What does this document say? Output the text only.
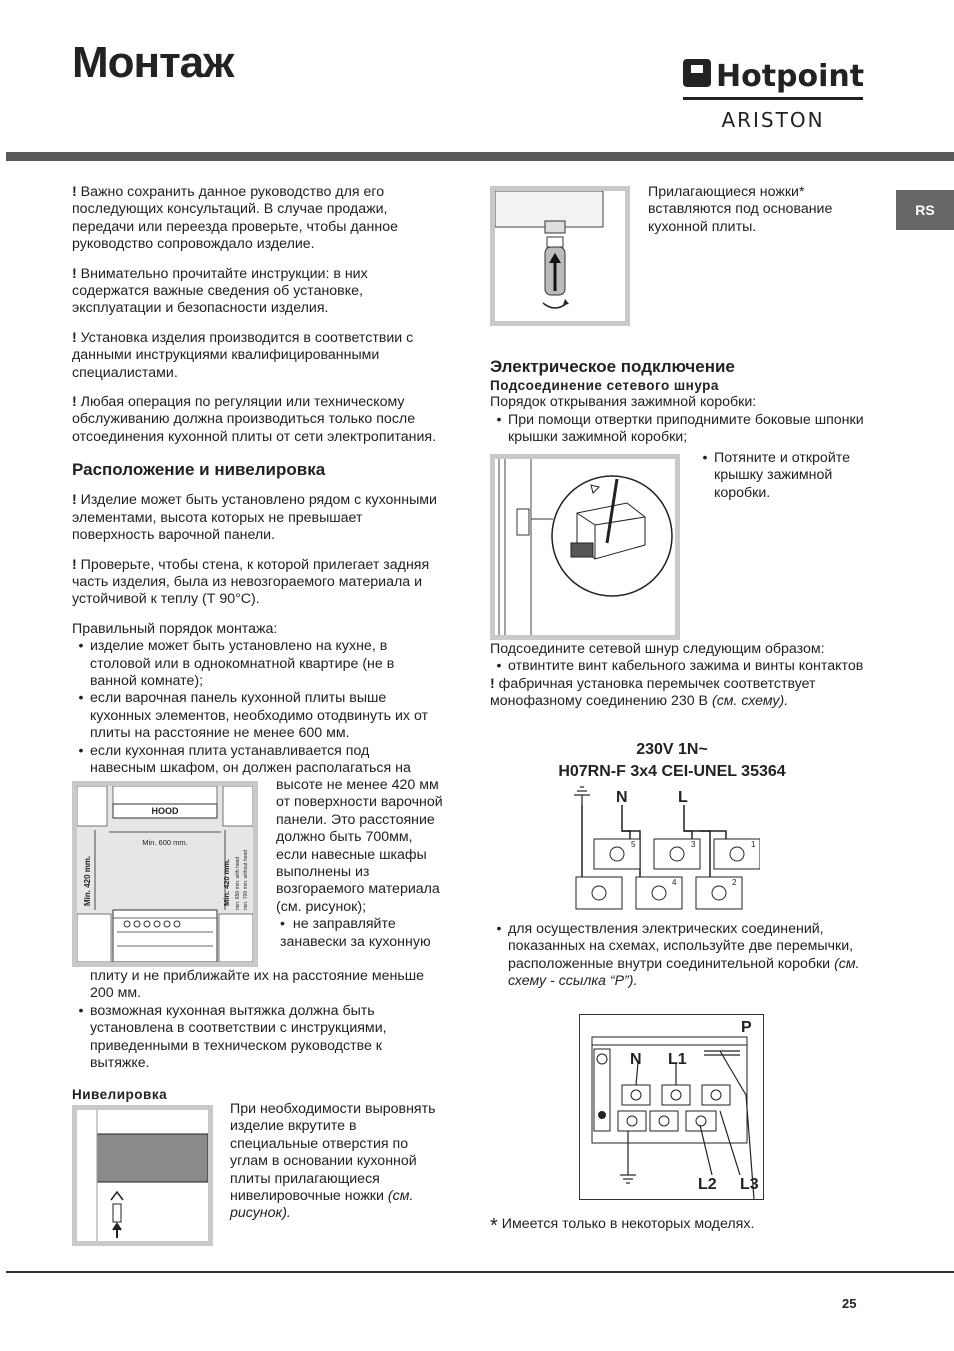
Монтаж	Hotpoint
ARISTON
RS

! Важно сохранить данное руководство для его последующих консультаций. В случае продажи, передачи или переезда проверьте, чтобы данное руководство сопровождало изделие.

! Внимательно прочитайте инструкции: в них содержатся важные сведения об установке, эксплуатации и безопасности изделия.

! Установка изделия производится в соответствии с данными инструкциями квалифицированными специалистами.

! Любая операция по регуляции или техническому обслуживанию должна производиться только после отсоединения кухонной плиты от сети электропитания.

Расположение и нивелировка

! Изделие может быть установлено рядом с кухонными элементами, высота которых не превышает поверхность варочной панели.

! Проверьте, чтобы стена, к которой прилегает задняя часть изделия, была из невозгораемого материала и устойчивой к теплу (Т 90°С).

Правильный порядок монтажа:
• изделие может быть установлено на кухне, в столовой или в однокомнатной квартире (не в ванной комнате);
• если варочная панель кухонной плиты выше кухонных элементов, необходимо отодвинуть их от плиты на расстояние не менее 600 мм.
• если кухонная плита устанавливается под навесным шкафом, он должен располагаться на
HOOD
Min. 600 mm.
Min. 420 mm.	Min. 420 mm. min. 650 mm. with hood min. 700 mm. without hood
высоте не менее 420 мм от поверхности варочной панели. Это расстояние должно быть 700мм, если навесные шкафы выполнены из возгораемого материала (см. рисунок);
•  не заправляйте занавески за кухонную
плиту и не приближайте их на расстояние меньше 200 мм.
• возможная кухонная вытяжка должна быть установлена в соответствии с инструкциями, приведенными в техническом руководстве к вытяжке.
Нивелировка
При необходимости выровнять изделие вкрутите в специальные отверстия по углам в основании кухонной плиты прилагающиеся нивелировочные ножки (см. рисунок).
Прилагающиеся ножки* вставляются под основание кухонной плиты.
Электрическое подключение
Подсоединение сетевого шнура
Порядок открывания зажимной коробки:
• При помощи отвертки приподнимите боковые шпонки крышки зажимной коробки;
• Потяните и откройте крышку зажимной коробки.
Подсоедините сетевой шнур следующим образом:
• отвинтите винт кабельного зажима и винты контактов
! фабричная установка перемычек соответствует монофазному соединению 230 В (см. схему).
230V 1N~
H07RN-F 3x4 CEI-UNEL 35364
N	L
5	3	1
4	2
• для осуществления электрических соединений, показанных на схемах, используйте две перемычки, расположенные внутри соединительной коробки (см. схему - ссылка “P”).
P
N L1
L2 L3
* Имеется только в некоторых моделях.
25
